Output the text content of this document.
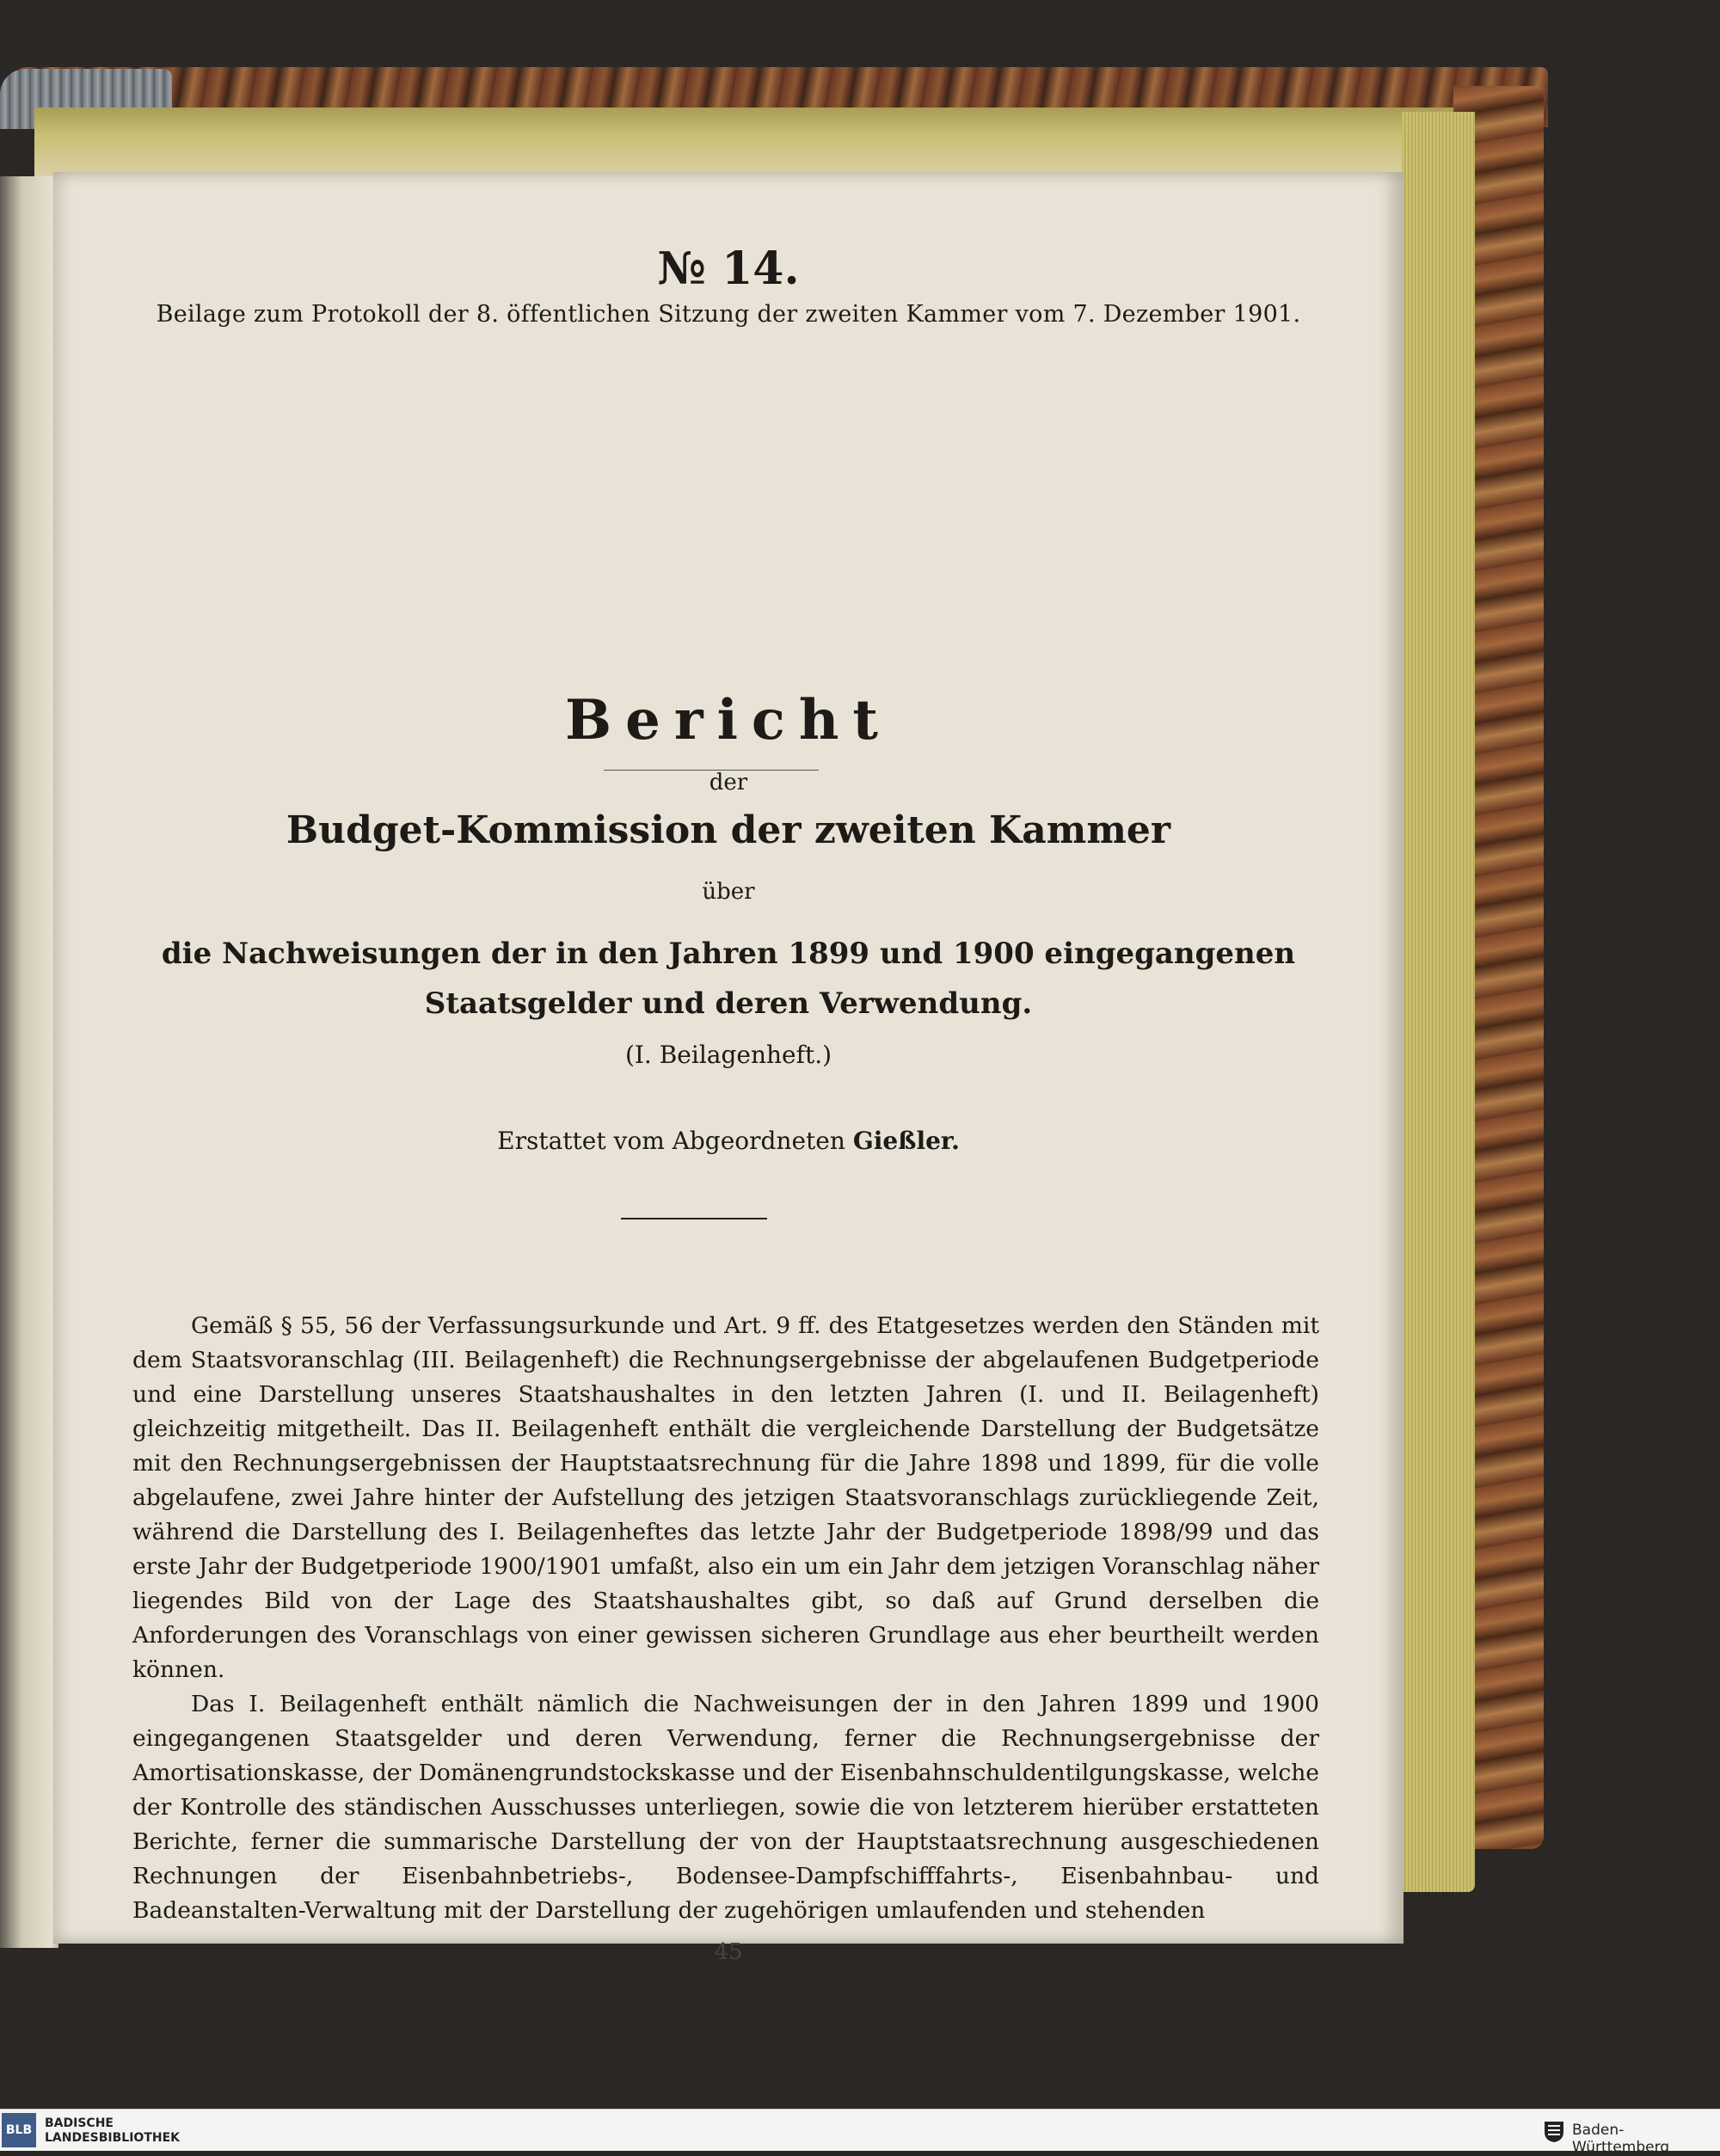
№ 14.
Beilage zum Protokoll der 8. öffentlichen Sitzung der zweiten Kammer vom 7. Dezember 1901.
Bericht
der
Budget-Kommission der zweiten Kammer
über
die Nachweisungen der in den Jahren 1899 und 1900 eingegangenen Staatsgelder und deren Verwendung.
(I. Beilagenheft.)
Erstattet vom Abgeordneten Gießler.

Gemäß § 55, 56 der Verfassungsurkunde und Art. 9 ff. des Etatgesetzes werden den Ständen mit dem Staatsvoranschlag (III. Beilagenheft) die Rechnungsergebnisse der abgelaufenen Budgetperiode und eine Darstellung unseres Staatshaushaltes in den letzten Jahren (I. und II. Beilagenheft) gleichzeitig mitgetheilt. Das II. Beilagenheft enthält die vergleichende Darstellung der Budgetsätze mit den Rechnungsergebnissen der Hauptstaatsrechnung für die Jahre 1898 und 1899, für die volle abgelaufene, zwei Jahre hinter der Aufstellung des jetzigen Staatsvoranschlags zurückliegende Zeit, während die Darstellung des I. Beilagenheftes das letzte Jahr der Budgetperiode 1898/99 und das erste Jahr der Budgetperiode 1900/1901 umfaßt, also ein um ein Jahr dem jetzigen Voranschlag näher liegendes Bild von der Lage des Staatshaushaltes gibt, so daß auf Grund derselben die Anforderungen des Voranschlags von einer gewissen sicheren Grundlage aus eher beurtheilt werden können.

Das I. Beilagenheft enthält nämlich die Nachweisungen der in den Jahren 1899 und 1900 eingegangenen Staatsgelder und deren Verwendung, ferner die Rechnungsergebnisse der Amortisationskasse, der Domänengrundstockskasse und der Eisenbahnschuldentilgungskasse, welche der Kontrolle des ständischen Ausschusses unterliegen, sowie die von letzterem hierüber erstatteten Berichte, ferner die summarische Darstellung der von der Hauptstaatsrechnung ausgeschiedenen Rechnungen der Eisenbahnbetriebs-, Bodensee-Dampfschifffahrts-, Eisenbahnbau- und Badeanstalten-Verwaltung mit der Darstellung der zugehörigen umlaufenden und stehenden

45
BLB	BADISCHE
LANDESBIBLIOTHEK	Baden-Württemberg
